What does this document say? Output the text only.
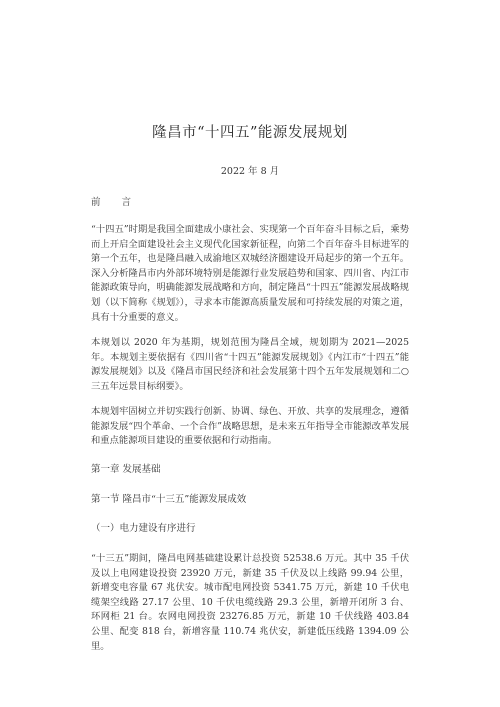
隆昌市“十四五”能源发展规划
2022 年 8 月
前 言
“十四五”时期是我国全面建成小康社会、实现第一个百年奋斗目标之后，乘势而上开启全面建设社会主义现代化国家新征程，向第二个百年奋斗目标进军的第一个五年，也是隆昌融入成渝地区双城经济圈建设开局起步的第一个五年。深入分析隆昌市内外部环境特别是能源行业发展趋势和国家、四川省、内江市能源政策导向，明确能源发展战略和方向，制定隆昌“十四五”能源发展战略规划（以下简称《规划》），寻求本市能源高质量发展和可持续发展的对策之道，具有十分重要的意义。
本规划以 2020 年为基期，规划范围为隆昌全域，规划期为 2021—2025 年。本规划主要依据有《四川省“十四五”能源发展规划》《内江市“十四五”能源发展规划》以及《隆昌市国民经济和社会发展第十四个五年发展规划和二○三五年远景目标纲要》。
本规划牢固树立并切实践行创新、协调、绿色、开放、共享的发展理念，遵循能源发展“四个革命、一个合作”战略思想，是未来五年指导全市能源改革发展和重点能源项目建设的重要依据和行动指南。
第一章 发展基础
第一节 隆昌市“十三五”能源发展成效
（一）电力建设有序进行
“十三五”期间，隆昌电网基础建设累计总投资 52538.6 万元。其中 35 千伏及以上电网建设投资 23920 万元，新建 35 千伏及以上线路 99.94 公里，新增变电容量 67 兆伏安。城市配电网投资 5341.75 万元，新建 10 千伏电缆架空线路 27.17 公里、10 千伏电缆线路 29.3 公里，新增开闭所 3 台、环网柜 21 台。农网电网投资 23276.85 万元，新建 10 千伏线路 403.84 公里、配变 818 台，新增容量 110.74 兆伏安，新建低压线路 1394.09 公里。
